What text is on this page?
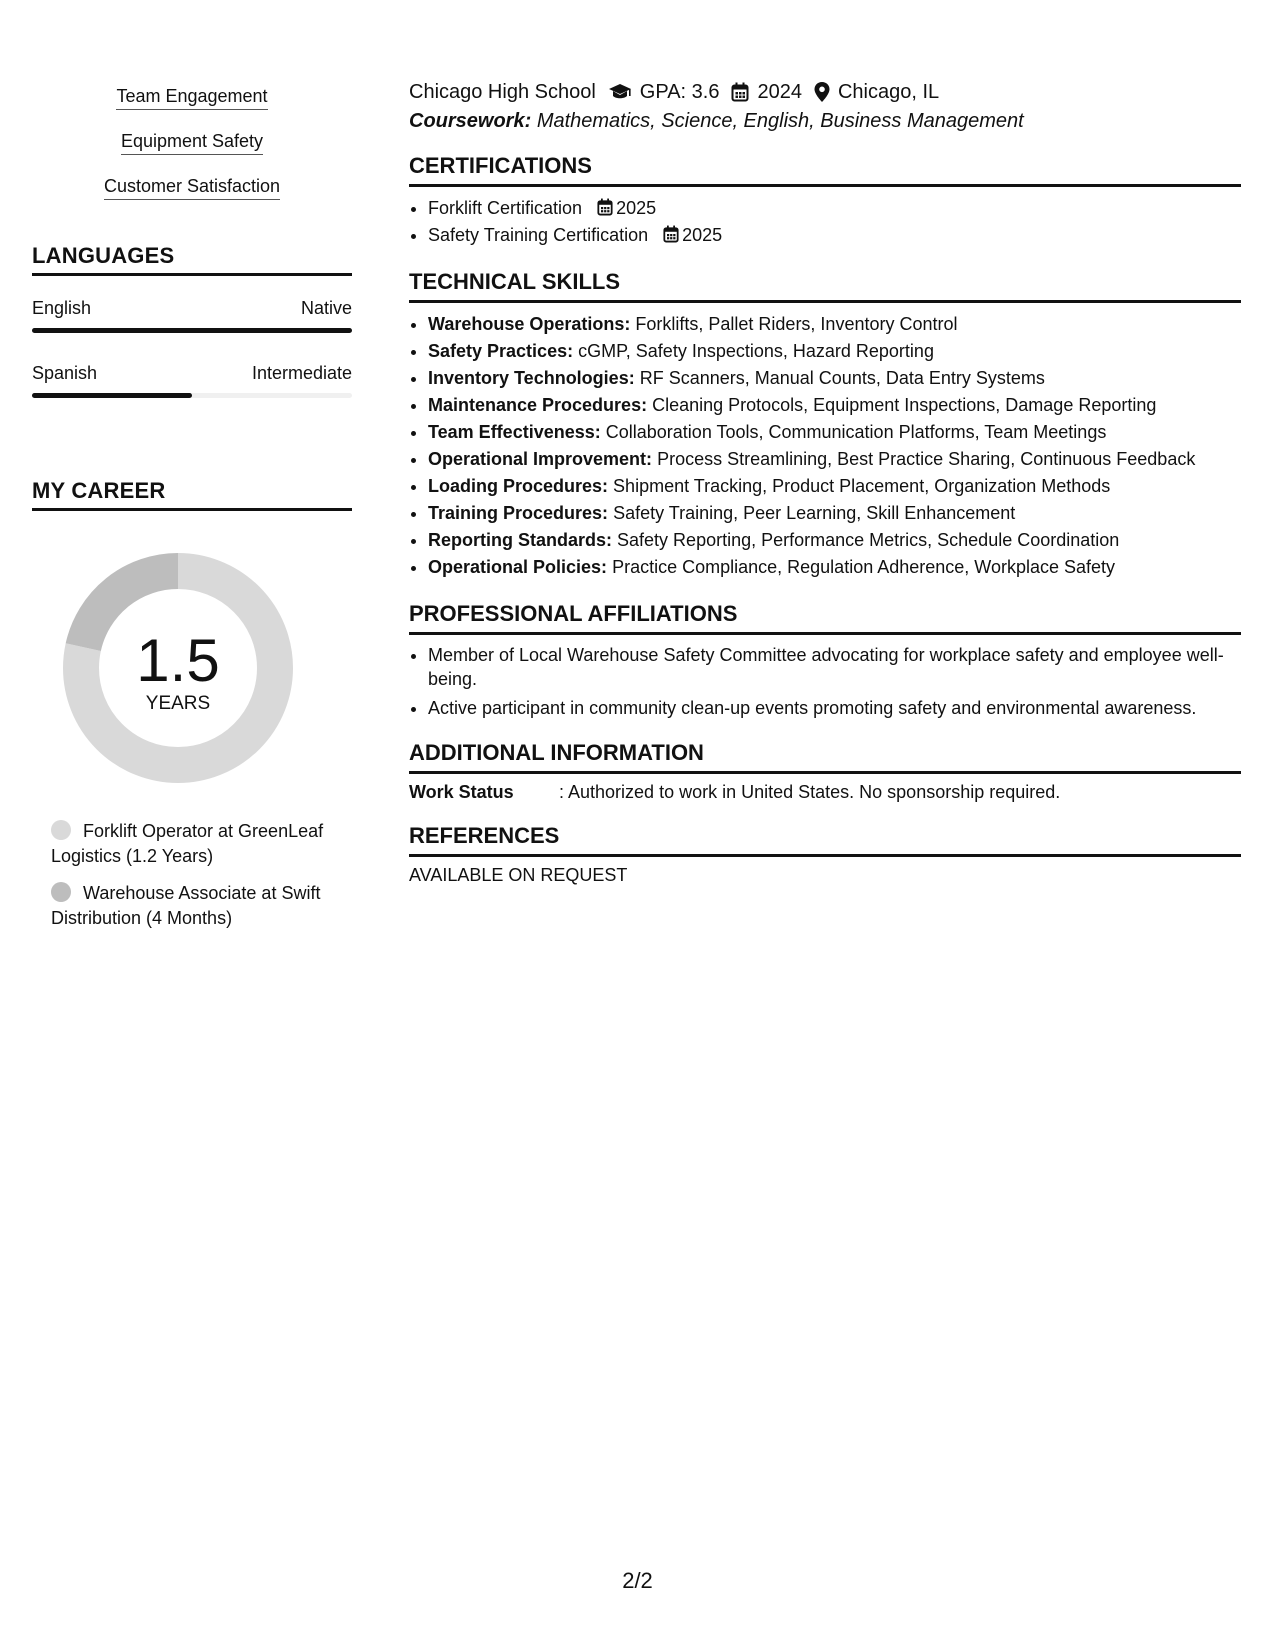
Team Engagement
Equipment Safety
Customer Satisfaction
LANGUAGES
English	Native
Spanish	Intermediate
MY CAREER
1.5
YEARS
Forklift Operator at GreenLeaf Logistics (1.2 Years)
Warehouse Associate at Swift Distribution (4 Months)
Chicago High School GPA: 3.6 2024 Chicago, IL
Coursework: Mathematics, Science, English, Business Management
CERTIFICATIONS
• Forklift Certification 2025
• Safety Training Certification 2025
TECHNICAL SKILLS
• Warehouse Operations: Forklifts, Pallet Riders, Inventory Control
• Safety Practices: cGMP, Safety Inspections, Hazard Reporting
• Inventory Technologies: RF Scanners, Manual Counts, Data Entry Systems
• Maintenance Procedures: Cleaning Protocols, Equipment Inspections, Damage Reporting
• Team Effectiveness: Collaboration Tools, Communication Platforms, Team Meetings
• Operational Improvement: Process Streamlining, Best Practice Sharing, Continuous Feedback
• Loading Procedures: Shipment Tracking, Product Placement, Organization Methods
• Training Procedures: Safety Training, Peer Learning, Skill Enhancement
• Reporting Standards: Safety Reporting, Performance Metrics, Schedule Coordination
• Operational Policies: Practice Compliance, Regulation Adherence, Workplace Safety
PROFESSIONAL AFFILIATIONS
• Member of Local Warehouse Safety Committee advocating for workplace safety and employee well-being.
• Active participant in community clean-up events promoting safety and environmental awareness.
ADDITIONAL INFORMATION
Work Status	: Authorized to work in United States. No sponsorship required.
REFERENCES
AVAILABLE ON REQUEST
2/2
